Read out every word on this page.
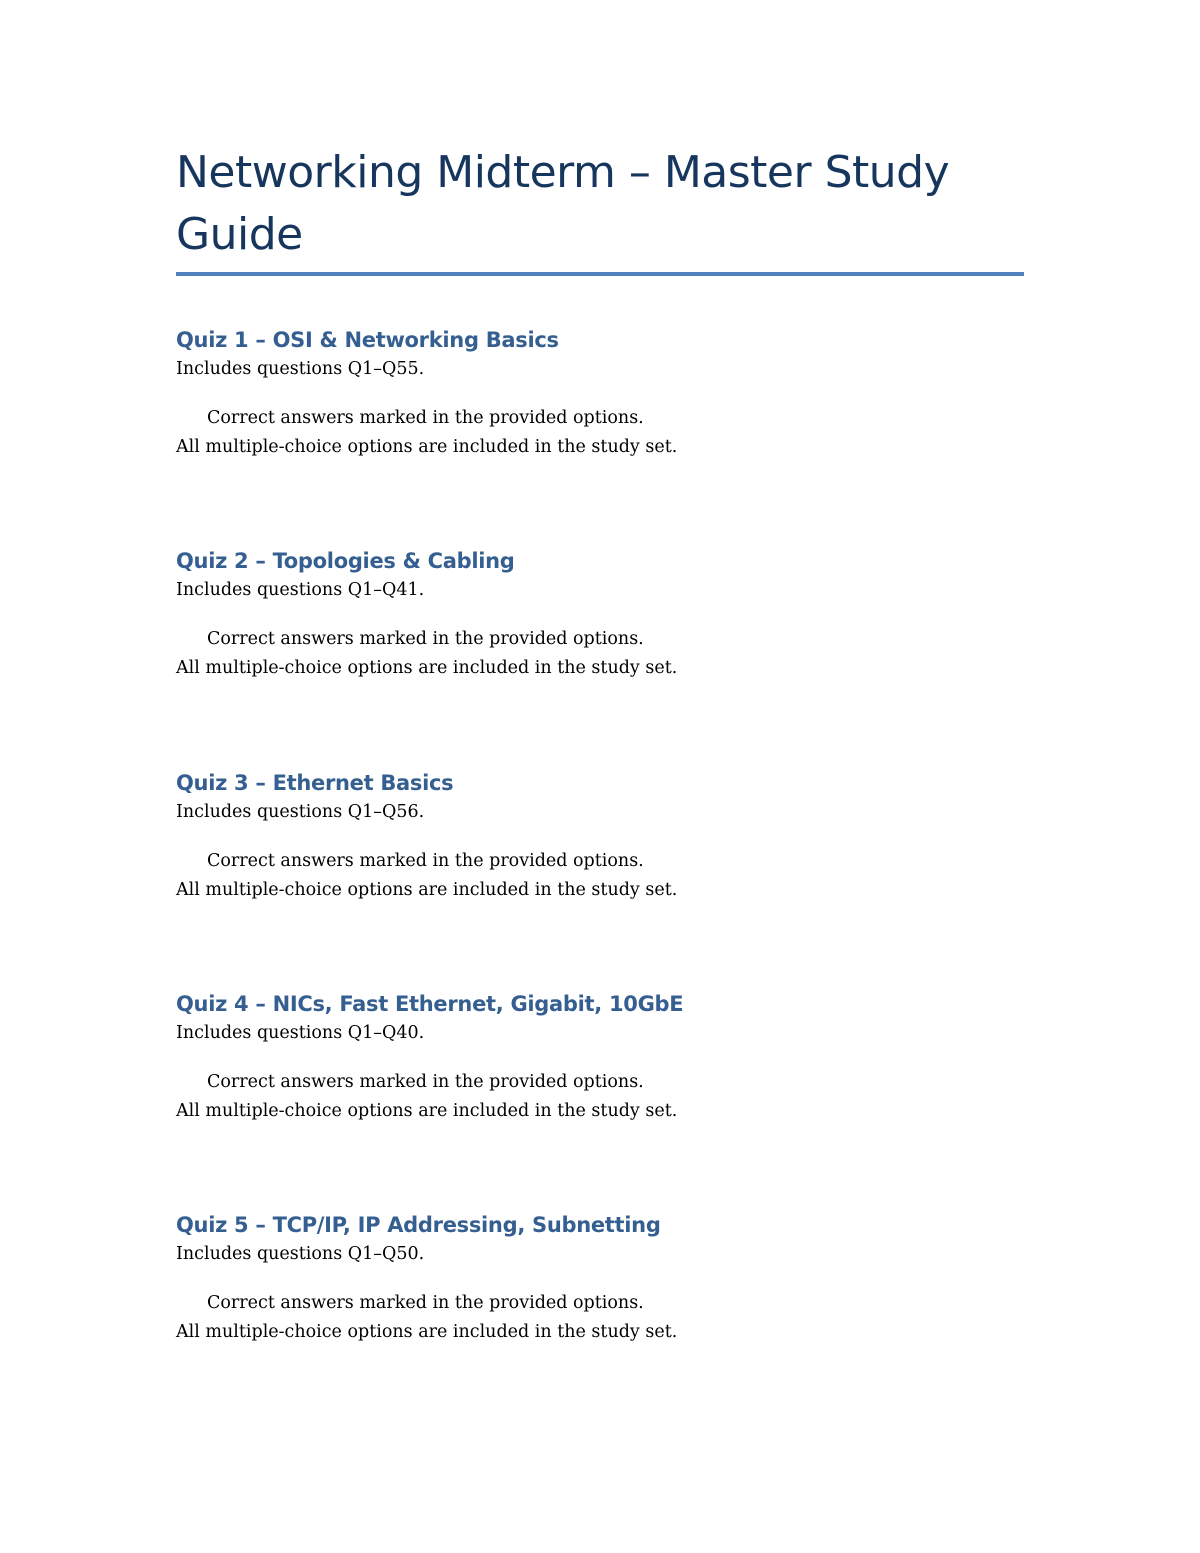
Networking Midterm – Master Study Guide
Quiz 1 – OSI & Networking Basics

Includes questions Q1–Q55.

Correct answers marked in the provided options.

All multiple-choice options are included in the study set.

Quiz 2 – Topologies & Cabling

Includes questions Q1–Q41.

Correct answers marked in the provided options.

All multiple-choice options are included in the study set.

Quiz 3 – Ethernet Basics

Includes questions Q1–Q56.

Correct answers marked in the provided options.

All multiple-choice options are included in the study set.

Quiz 4 – NICs, Fast Ethernet, Gigabit, 10GbE

Includes questions Q1–Q40.

Correct answers marked in the provided options.

All multiple-choice options are included in the study set.

Quiz 5 – TCP/IP, IP Addressing, Subnetting

Includes questions Q1–Q50.

Correct answers marked in the provided options.

All multiple-choice options are included in the study set.
